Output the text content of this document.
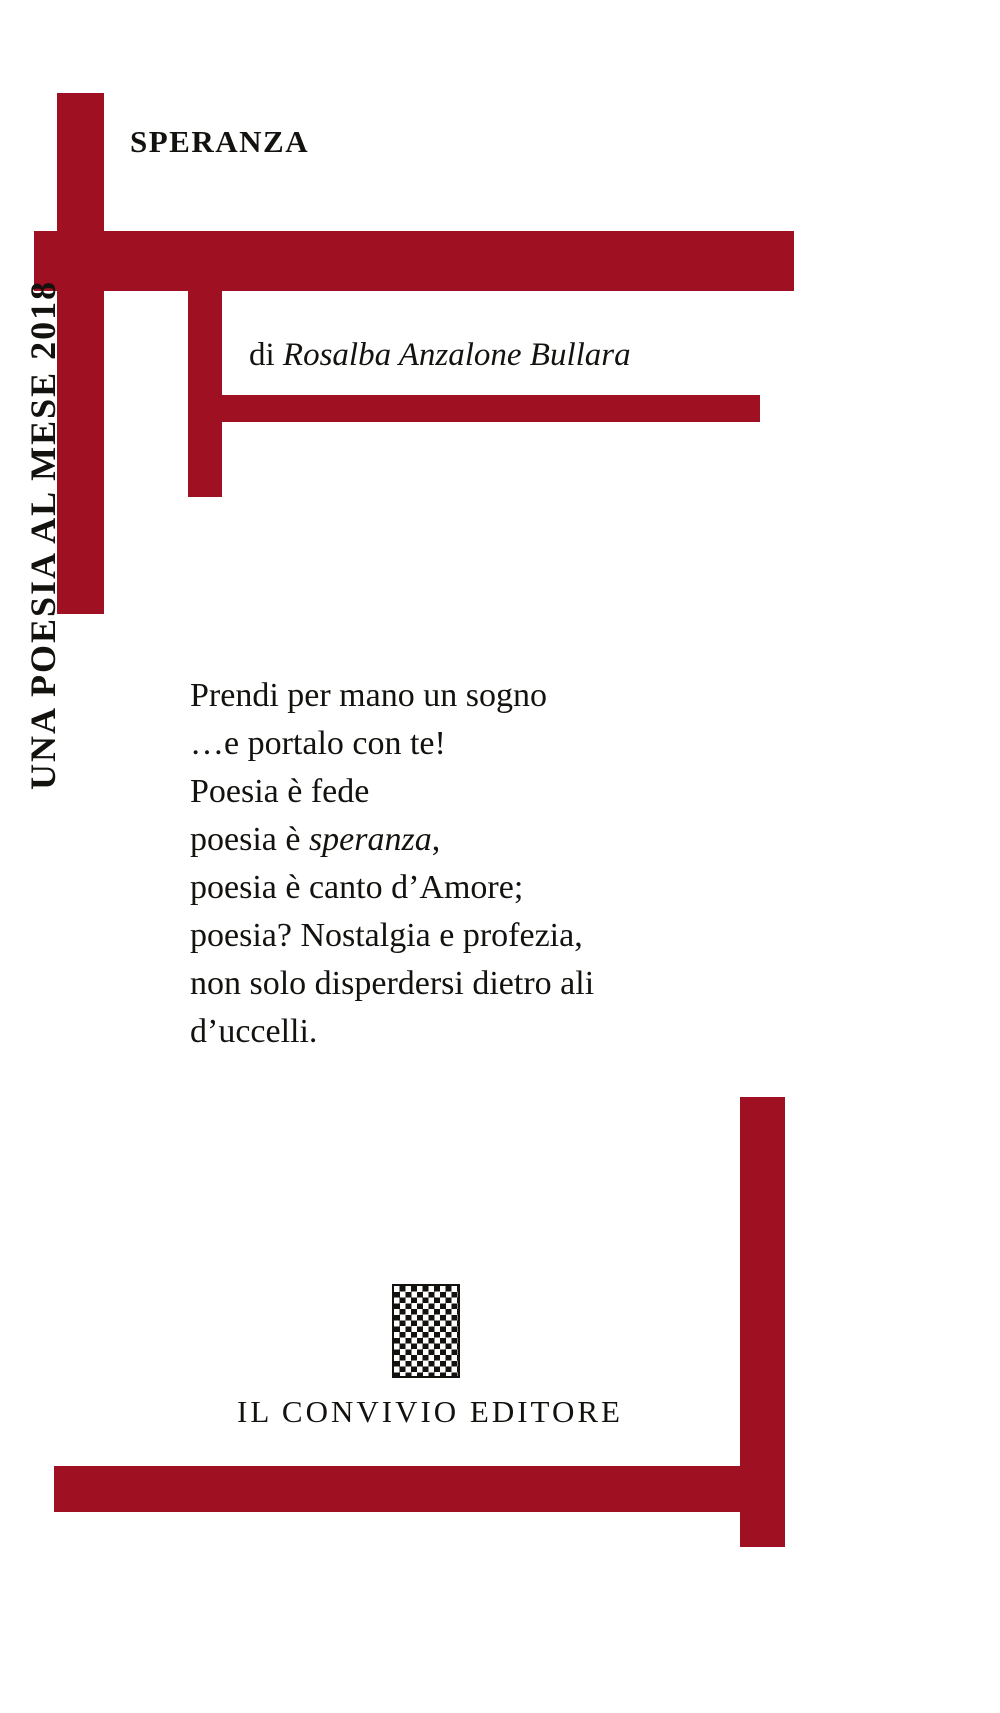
SPERANZA
di Rosalba Anzalone Bullara
UNA POESIA AL MESE 2018	Prendi per mano un sogno
…e portalo con te!
Poesia è fede
poesia è speranza,
poesia è canto d’Amore;
poesia? Nostalgia e profezia,
non solo disperdersi dietro ali
d’uccelli.
IL CONVIVIO EDITORE
